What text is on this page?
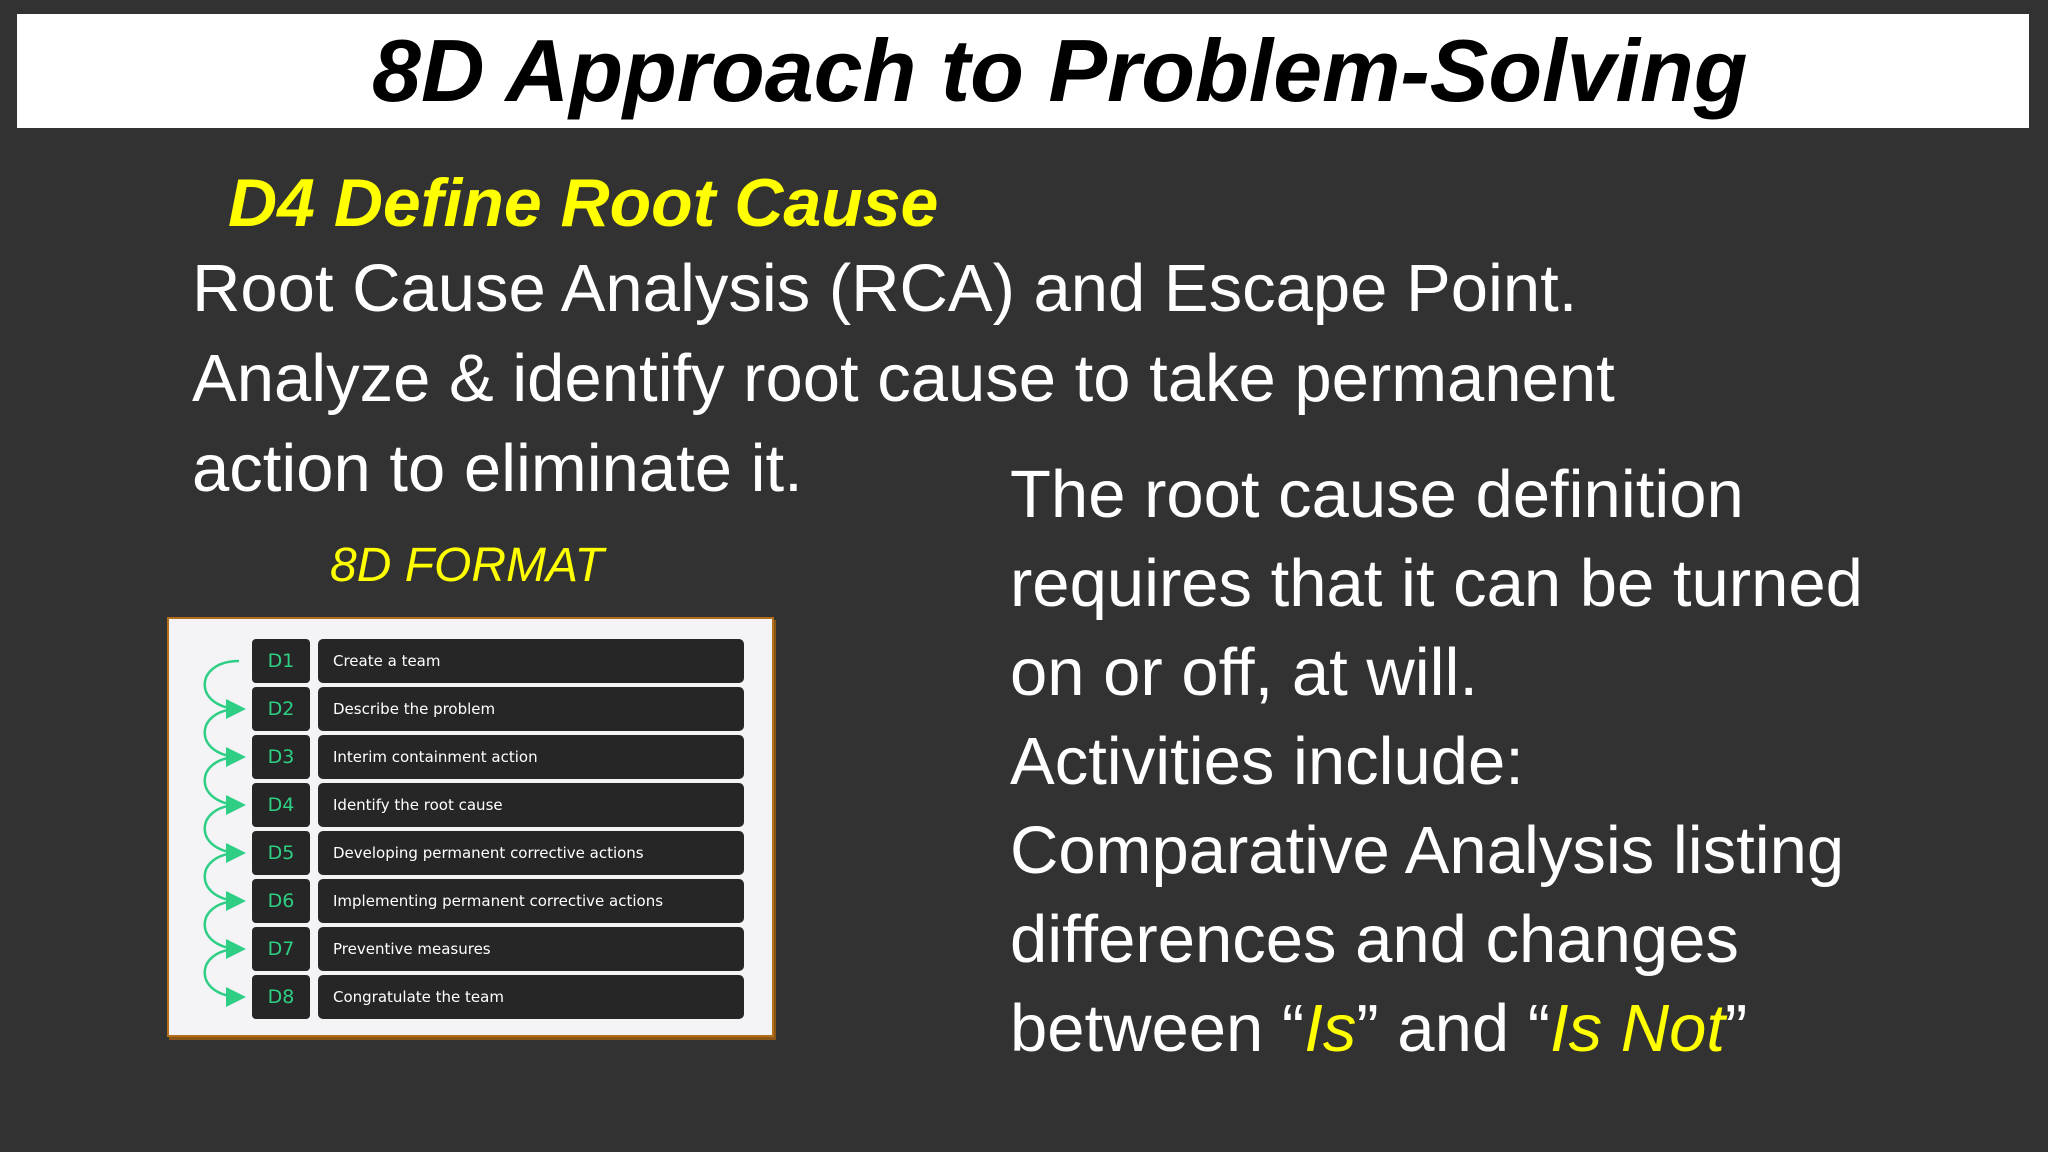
8D Approach to Problem-Solving
D4 Define Root Cause
Root Cause Analysis (RCA) and Escape Point.
Analyze & identify root cause to take permanent
action to eliminate it.
8D FORMAT
D1	Create a team
D2	Describe the problem
D3	Interim containment action
D4	Identify the root cause
D5	Developing permanent corrective actions
D6	Implementing permanent corrective actions
D7	Preventive measures
D8	Congratulate the team
The root cause definition
requires that it can be turned
on or off, at will.
Activities include:
Comparative Analysis listing
differences and changes
between “Is” and “Is Not”
